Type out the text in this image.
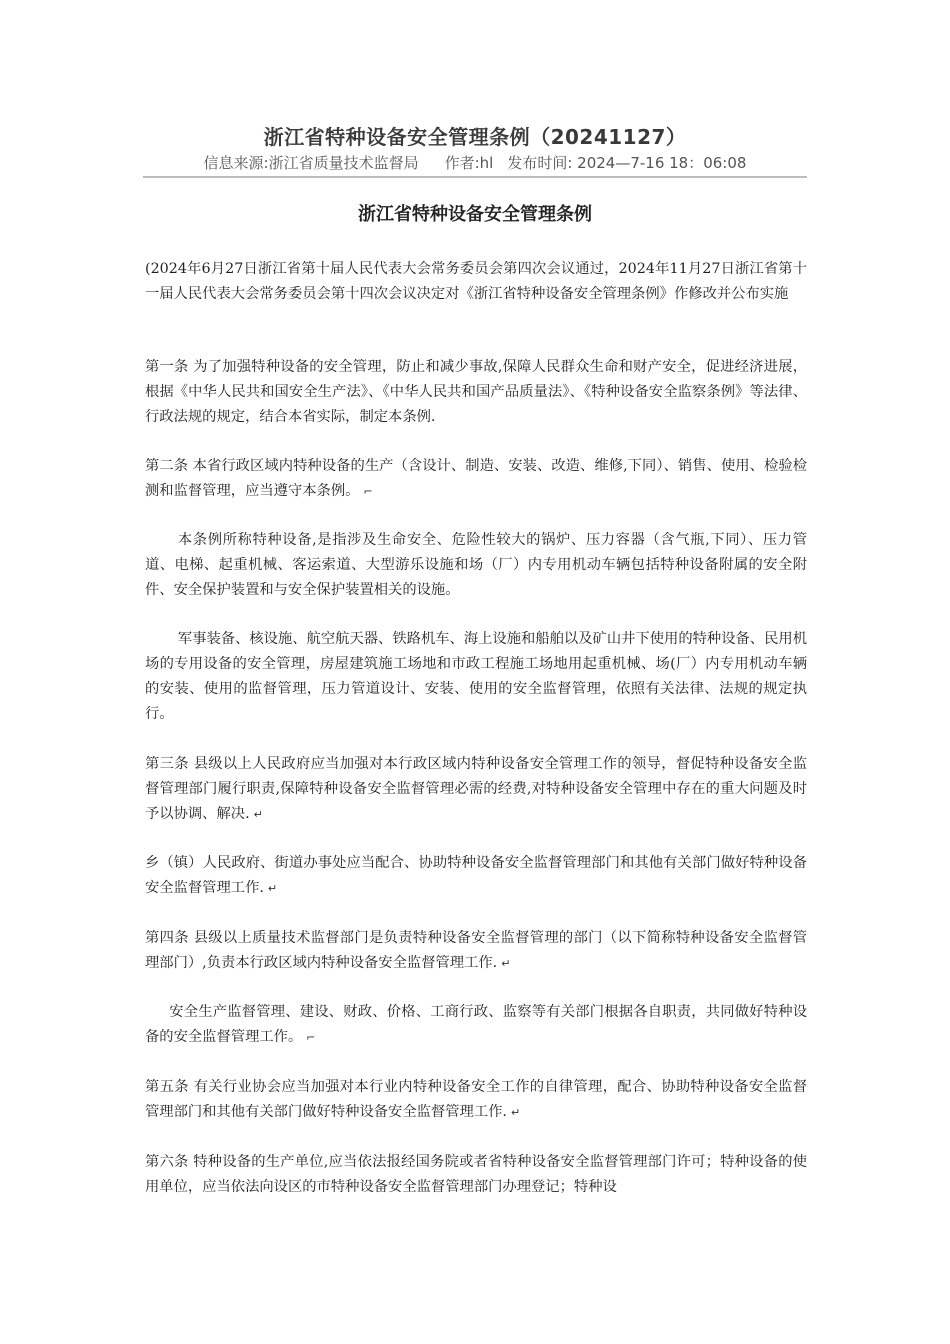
浙江省特种设备安全管理条例（20241127）
信息来源:浙江省质量技术监督局 作者:hl 发布时间: 2024—7-16 18：06:08
浙江省特种设备安全管理条例

(2024年6月27日浙江省第十届人民代表大会常务委员会第四次会议通过，2024年11月27日浙江省第十一届人民代表大会常务委员会第十四次会议决定对《浙江省特种设备安全管理条例》作修改并公布实施

第一条 为了加强特种设备的安全管理，防止和减少事故,保障人民群众生命和财产安全，促进经济进展，根据《中华人民共和国安全生产法》、《中华人民共和国产品质量法》、《特种设备安全监察条例》等法律、行政法规的规定，结合本省实际，制定本条例.

第二条 本省行政区域内特种设备的生产（含设计、制造、安装、改造、维修,下同）、销售、使用、检验检测和监督管理，应当遵守本条例。 ⌐

本条例所称特种设备,是指涉及生命安全、危险性较大的锅炉、压力容器（含气瓶,下同）、压力管道、电梯、起重机械、客运索道、大型游乐设施和场（厂）内专用机动车辆包括特种设备附属的安全附件、安全保护装置和与安全保护装置相关的设施。

军事装备、核设施、航空航天器、铁路机车、海上设施和船舶以及矿山井下使用的特种设备、民用机场的专用设备的安全管理，房屋建筑施工场地和市政工程施工场地用起重机械、场(厂）内专用机动车辆的安装、使用的监督管理，压力管道设计、安装、使用的安全监督管理，依照有关法律、法规的规定执行。

第三条 县级以上人民政府应当加强对本行政区域内特种设备安全管理工作的领导，督促特种设备安全监督管理部门履行职责,保障特种设备安全监督管理必需的经费,对特种设备安全管理中存在的重大问题及时予以协调、解决. ↵

乡（镇）人民政府、街道办事处应当配合、协助特种设备安全监督管理部门和其他有关部门做好特种设备安全监督管理工作. ↵

第四条 县级以上质量技术监督部门是负责特种设备安全监督管理的部门（以下简称特种设备安全监督管理部门）,负责本行政区域内特种设备安全监督管理工作. ↵

安全生产监督管理、建设、财政、价格、工商行政、监察等有关部门根据各自职责，共同做好特种设备的安全监督管理工作。 ⌐

第五条 有关行业协会应当加强对本行业内特种设备安全工作的自律管理，配合、协助特种设备安全监督管理部门和其他有关部门做好特种设备安全监督管理工作. ↵

第六条 特种设备的生产单位,应当依法报经国务院或者省特种设备安全监督管理部门许可；特种设备的使用单位，应当依法向设区的市特种设备安全监督管理部门办理登记；特种设
